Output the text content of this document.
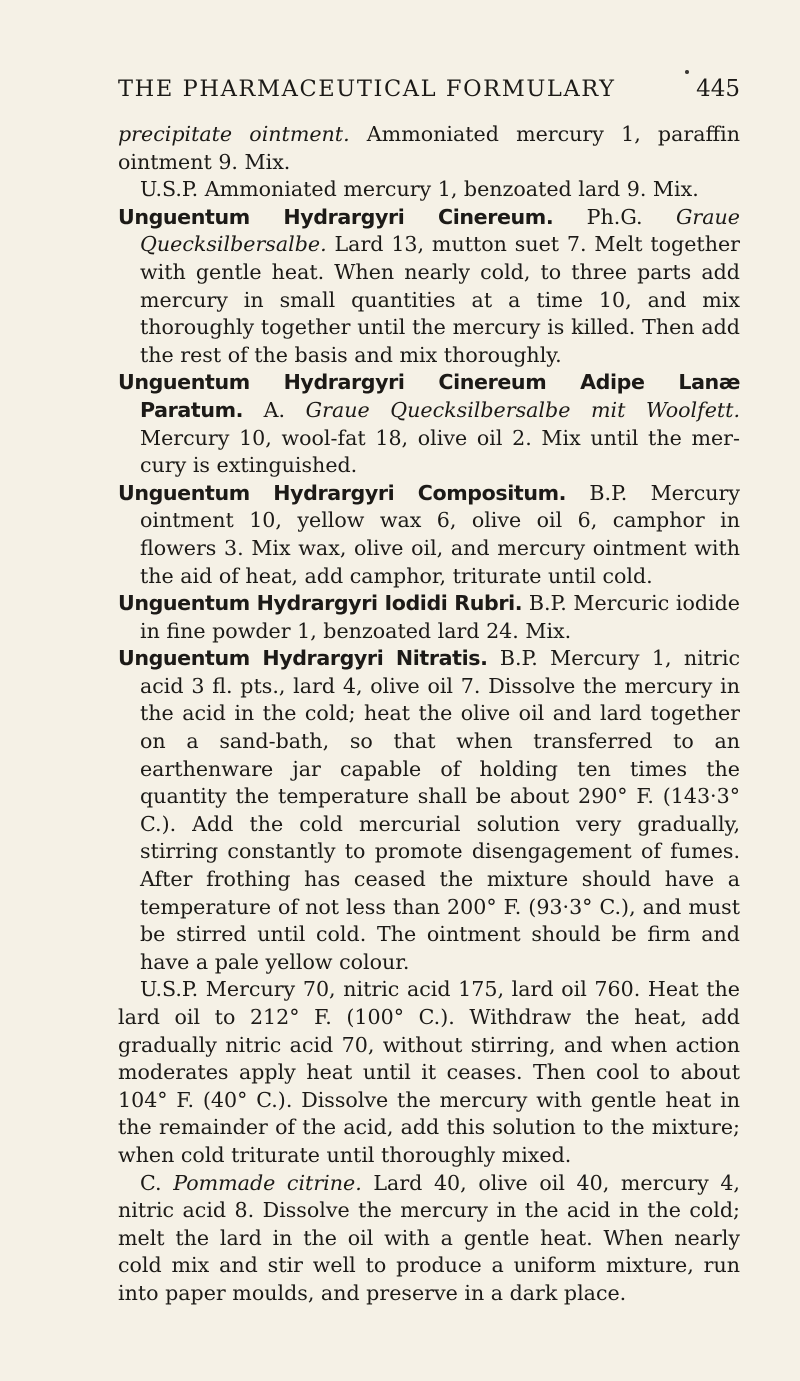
THE PHARMACEUTICAL FORMULARY	445

precipitate ointment. Ammoniated mercury 1, paraffin ointment 9. Mix.

U.S.P. Ammoniated mercury 1, benzoated lard 9. Mix.

Unguentum Hydrargyri Cinereum. Ph.G. Graue Quecksilbersalbe. Lard 13, mutton suet 7. Melt together with gentle heat. When nearly cold, to three parts add mercury in small quantities at a time 10, and mix thoroughly together until the mercury is killed. Then add the rest of the basis and mix thoroughly.

Unguentum Hydrargyri Cinereum Adipe Lanæ Paratum. A. Graue Quecksilbersalbe mit Woolfett. Mercury 10, wool-fat 18, olive oil 2. Mix until the mercury is extinguished.

Unguentum Hydrargyri Compositum. B.P. Mercury ointment 10, yellow wax 6, olive oil 6, camphor in flowers 3. Mix wax, olive oil, and mercury ointment with the aid of heat, add camphor, triturate until cold.

Unguentum Hydrargyri Iodidi Rubri. B.P. Mercuric iodide in fine powder 1, benzoated lard 24. Mix.

Unguentum Hydrargyri Nitratis. B.P. Mercury 1, nitric acid 3 fl. pts., lard 4, olive oil 7. Dissolve the mercury in the acid in the cold; heat the olive oil and lard together on a sand-bath, so that when transferred to an earthenware jar capable of holding ten times the quantity the temperature shall be about 290° F. (143·3° C.). Add the cold mercurial solution very gradually, stirring constantly to promote disengagement of fumes. After frothing has ceased the mixture should have a temperature of not less than 200° F. (93·3° C.), and must be stirred until cold. The ointment should be firm and have a pale yellow colour.

U.S.P. Mercury 70, nitric acid 175, lard oil 760. Heat the lard oil to 212° F. (100° C.). Withdraw the heat, add gradually nitric acid 70, without stirring, and when action moderates apply heat until it ceases. Then cool to about 104° F. (40° C.). Dissolve the mercury with gentle heat in the remainder of the acid, add this solution to the mixture; when cold triturate until thoroughly mixed.

C. Pommade citrine. Lard 40, olive oil 40, mercury 4, nitric acid 8. Dissolve the mercury in the acid in the cold; melt the lard in the oil with a gentle heat. When nearly cold mix and stir well to produce a uniform mixture, run into paper moulds, and preserve in a dark place.
